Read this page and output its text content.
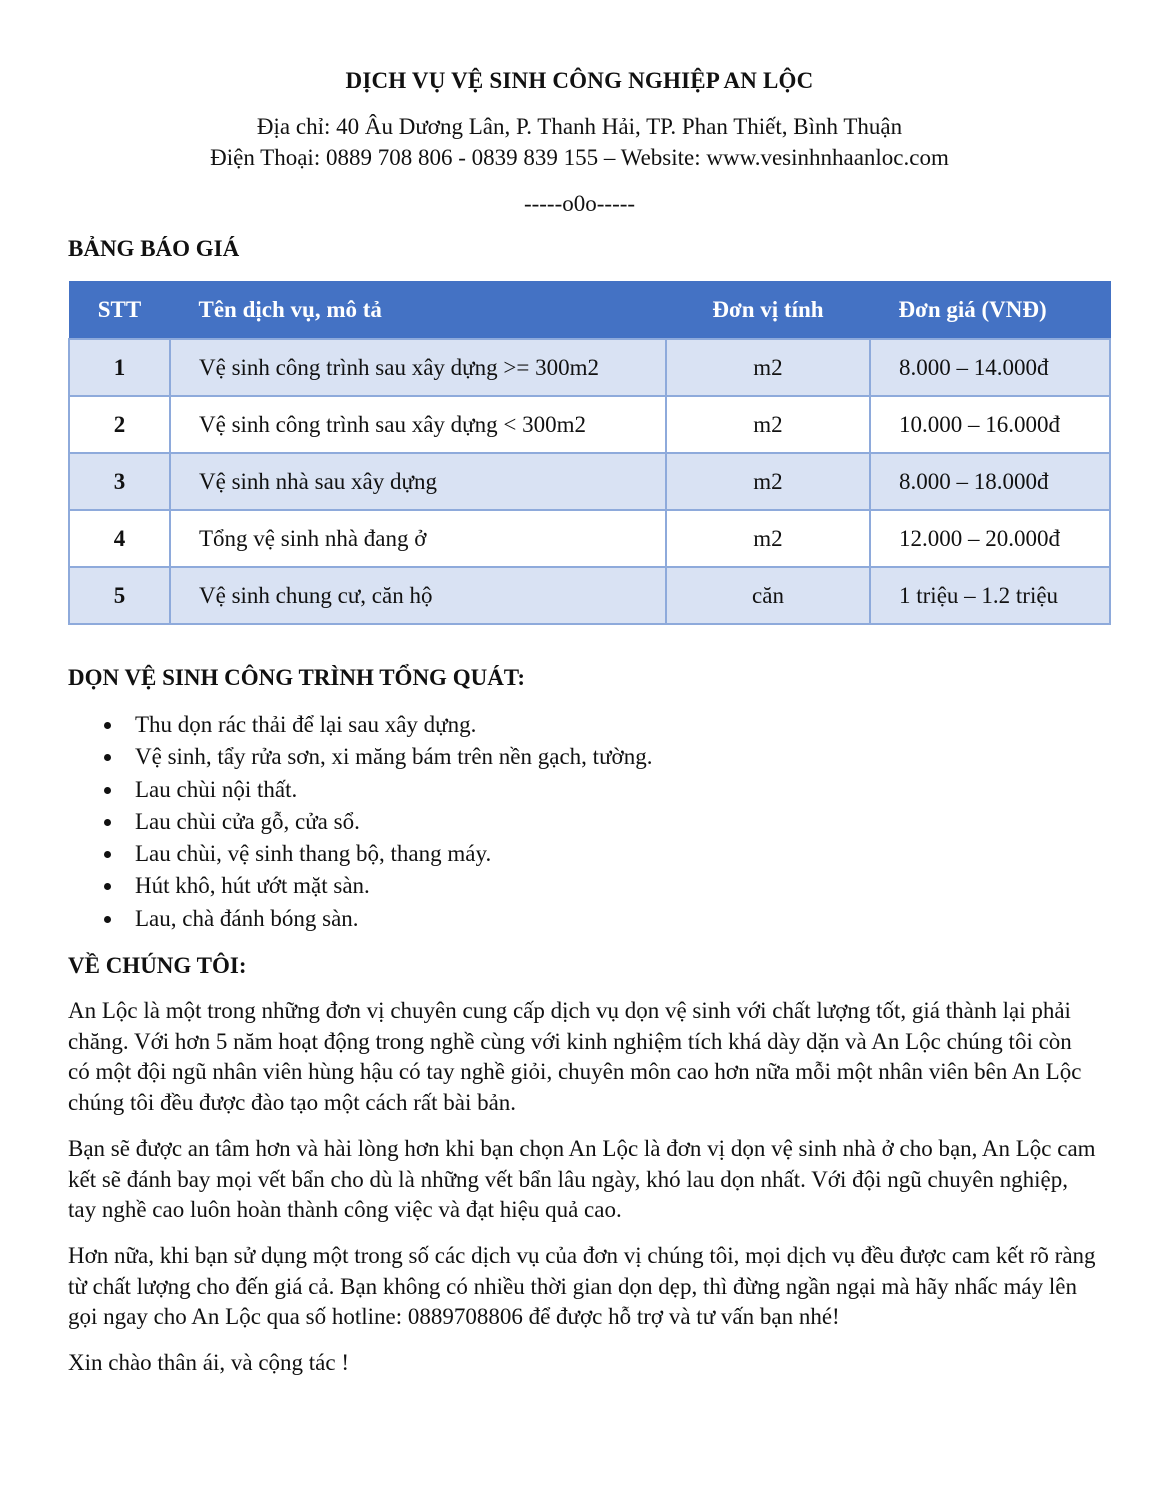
DỊCH VỤ VỆ SINH CÔNG NGHIỆP AN LỘC
Địa chỉ: 40 Âu Dương Lân, P. Thanh Hải, TP. Phan Thiết, Bình Thuận
Điện Thoại: 0889 708 806 - 0839 839 155 – Website: www.vesinhnhaanloc.com
-----o0o-----
BẢNG BÁO GIÁ
STT	Tên dịch vụ, mô tả	Đơn vị tính	Đơn giá (VNĐ)
1	Vệ sinh công trình sau xây dựng >= 300m2	m2	8.000 – 14.000đ
2	Vệ sinh công trình sau xây dựng < 300m2	m2	10.000 – 16.000đ
3	Vệ sinh nhà sau xây dựng	m2	8.000 – 18.000đ
4	Tổng vệ sinh nhà đang ở	m2	12.000 – 20.000đ
5	Vệ sinh chung cư, căn hộ	căn	1 triệu – 1.2 triệu
DỌN VỆ SINH CÔNG TRÌNH TỔNG QUÁT:
Thu dọn rác thải để lại sau xây dựng.
Vệ sinh, tẩy rửa sơn, xi măng bám trên nền gạch, tường.
Lau chùi nội thất.
Lau chùi cửa gỗ, cửa sổ.
Lau chùi, vệ sinh thang bộ, thang máy.
Hút khô, hút ướt mặt sàn.
Lau, chà đánh bóng sàn.
VỀ CHÚNG TÔI:

An Lộc là một trong những đơn vị chuyên cung cấp dịch vụ dọn vệ sinh với chất lượng tốt, giá thành lại phải chăng. Với hơn 5 năm hoạt động trong nghề cùng với kinh nghiệm tích khá dày dặn và An Lộc chúng tôi còn có một đội ngũ nhân viên hùng hậu có tay nghề giỏi, chuyên môn cao hơn nữa mỗi một nhân viên bên An Lộc chúng tôi đều được đào tạo một cách rất bài bản.

Bạn sẽ được an tâm hơn và hài lòng hơn khi bạn chọn An Lộc là đơn vị dọn vệ sinh nhà ở cho bạn, An Lộc cam kết sẽ đánh bay mọi vết bẩn cho dù là những vết bẩn lâu ngày, khó lau dọn nhất. Với đội ngũ chuyên nghiệp, tay nghề cao luôn hoàn thành công việc và đạt hiệu quả cao.

Hơn nữa, khi bạn sử dụng một trong số các dịch vụ của đơn vị chúng tôi, mọi dịch vụ đều được cam kết rõ ràng từ chất lượng cho đến giá cả. Bạn không có nhiều thời gian dọn dẹp, thì đừng ngần ngại mà hãy nhấc máy lên gọi ngay cho An Lộc qua số hotline: 0889708806 để được hỗ trợ và tư vấn bạn nhé!

Xin chào thân ái, và cộng tác !
